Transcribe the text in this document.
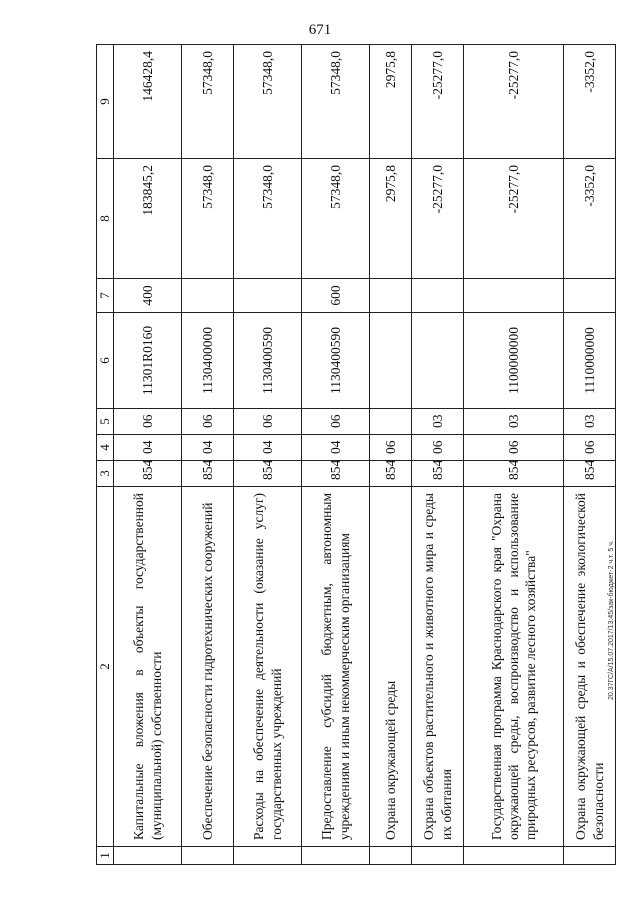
671
1	2	3	4	5	6	7	8	9
	Капитальные вложения в объекты государственной (муниципальной) собственности	854	04	06	11301R0160	400	183845,2	146428,4
	Обеспечение безопасности гидротехнических сооружений	854	04	06	1130400000		57348,0	57348,0
	Расходы на обеспечение деятельности (оказание услуг) государственных учреждений	854	04	06	1130400590		57348,0	57348,0
	Предоставление субсидий бюджетным, автономным учреждениям и иным некоммерческим организациям	854	04	06	1130400590	600	57348,0	57348,0
	Охрана окружающей среды	854	06				2975,8	2975,8
	Охрана объектов растительного и животного мира и среды их обитания	854	06	03			-25277,0	-25277,0
	Государственная программа Краснодарского края "Охрана окружающей среды, воспроизводство и использование природных ресурсов, развитие лесного хозяйства"	854	06	03	1100000000		-25277,0	-25277,0
	Охрана окружающей среды и обеспечение экологической безопасности	854	06	03	1110000000		-3352,0	-3352,0
20.37ГС/А/15.07.2017/13:45/зак-бюджет-2 ч.т. 5 ч.
